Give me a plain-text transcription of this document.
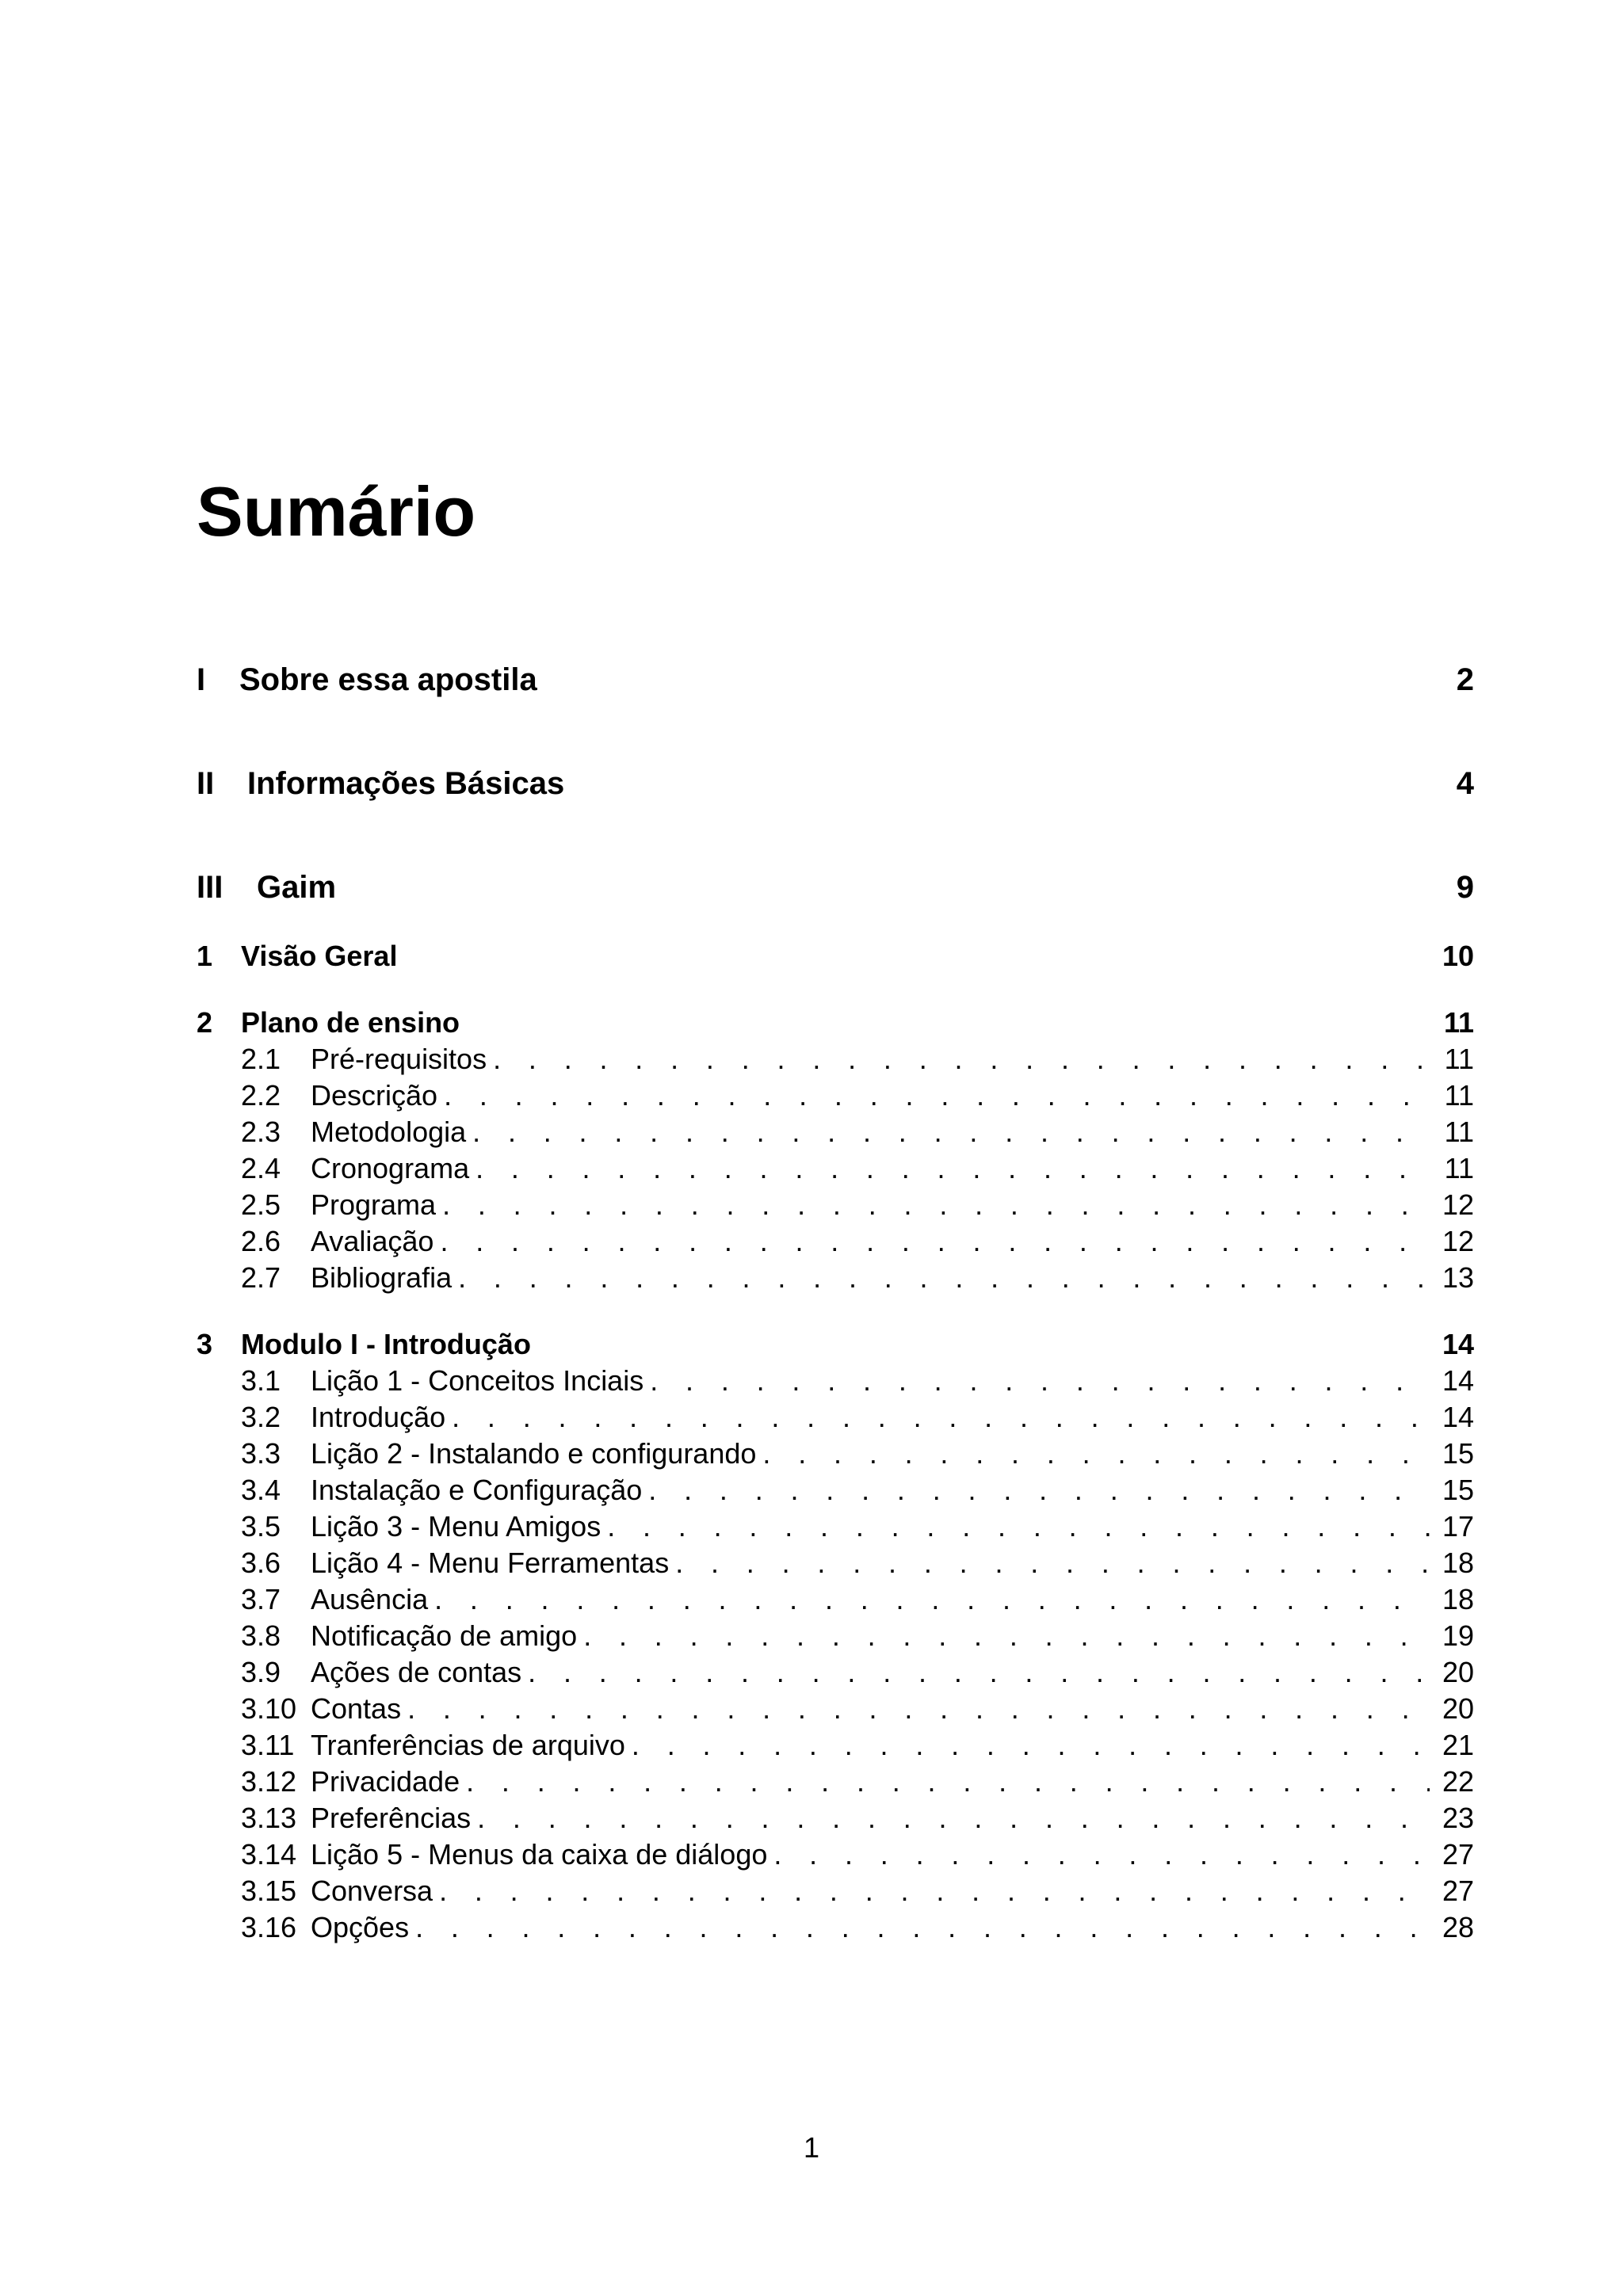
Sumário
I	Sobre essa apostila	2
II	Informações Básicas	4
III	Gaim	9
1 Visão Geral	10
2 Plano de ensino	11
2.1	Pré-requisitos . . .	11
2.2	Descrição . . .	11
2.3	Metodologia . . .	11
2.4	Cronograma . . .	11
2.5	Programa . . .	12
2.6	Avaliação . . .	12
2.7	Bibliografia . . .	13
3 Modulo I - Introdução	14
3.1	Lição 1 - Conceitos Inciais . . .	14
3.2	Introdução . . .	14
3.3	Lição 2 - Instalando e configurando . . .	15
3.4	Instalação e Configuração . . .	15
3.5	Lição 3 - Menu Amigos . . .	17
3.6	Lição 4 - Menu Ferramentas . . .	18
3.7	Ausência . . .	18
3.8	Notificação de amigo . . .	19
3.9	Ações de contas . . .	20
3.10 Contas . . .	20
3.11 Tranferências de arquivo . . .	21
3.12 Privacidade . . .	22
3.13 Preferências . . .	23
3.14 Lição 5 - Menus da caixa de diálogo . . .	27
3.15 Conversa . . .	27
3.16 Opções . . .	28
1
